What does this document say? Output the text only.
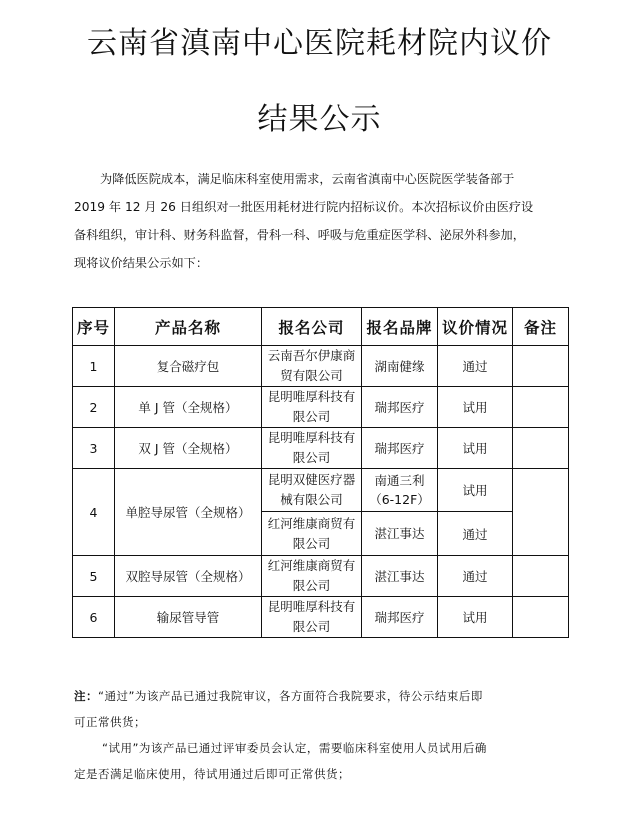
云南省滇南中心医院耗材院内议价
结果公示

为降低医院成本，满足临床科室使用需求，云南省滇南中心医院医学装备部于

2019 年 12 月 26 日组织对一批医用耗材进行院内招标议价。本次招标议价由医疗设

备科组织，审计科、财务科监督，骨科一科、呼吸与危重症医学科、泌尿外科参加，

现将议价结果公示如下：

序号	产品名称	报名公司	报名品牌	议价情况	备注
1	复合磁疗包	云南吾尔伊康商
贸有限公司	湖南健缘	通过	
2	单 J 管（全规格）	昆明唯厚科技有
限公司	瑞邦医疗	试用	
3	双 J 管（全规格）	昆明唯厚科技有
限公司	瑞邦医疗	试用	
4	单腔导尿管（全规格）	昆明双健医疗器
械有限公司	南通三利
（6-12F）	试用	
		红河维康商贸有
限公司	湛江事达	通过	
5	双腔导尿管（全规格）	红河维康商贸有
限公司	湛江事达	通过	
6	输尿管导管	昆明唯厚科技有
限公司	瑞邦医疗	试用	

注：“通过”为该产品已通过我院审议，各方面符合我院要求，待公示结束后即

可正常供货；

“试用”为该产品已通过评审委员会认定，需要临床科室使用人员试用后确

定是否满足临床使用，待试用通过后即可正常供货；
